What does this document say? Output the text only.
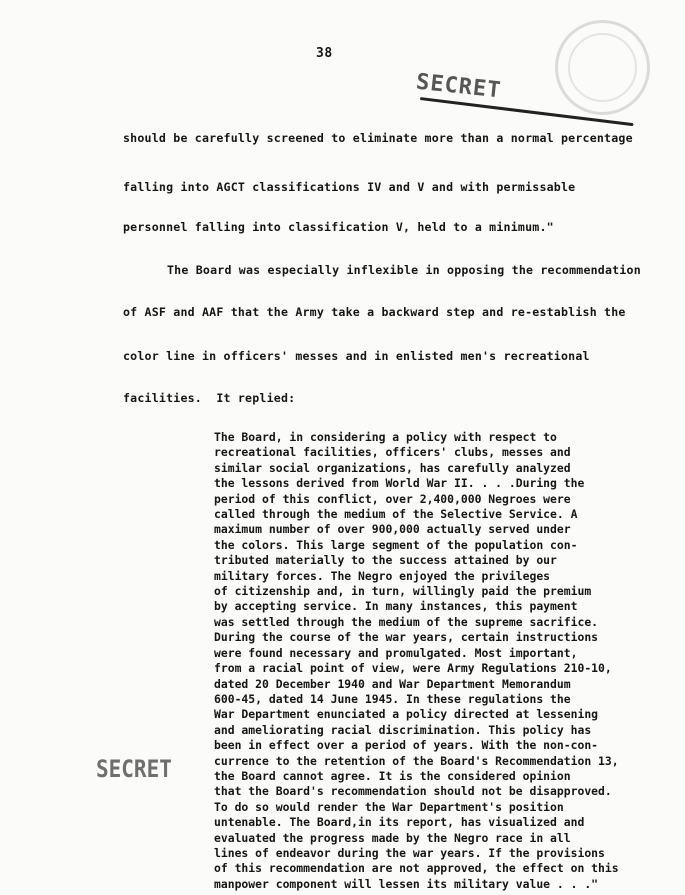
38
SECRET
should be carefully screened to eliminate more than a normal percentage
falling into AGCT classifications IV and V and with permissable
personnel falling into classification V, held to a minimum."
The Board was especially inflexible in opposing the recommendation
of ASF and AAF that the Army take a backward step and re-establish the
color line in officers' messes and in enlisted men's recreational
facilities.  It replied:
The Board, in considering a policy with respect to
recreational facilities, officers' clubs, messes and
similar social organizations, has carefully analyzed
the lessons derived from World War II. . . .During the
period of this conflict, over 2,400,000 Negroes were
called through the medium of the Selective Service. A
maximum number of over 900,000 actually served under
the colors. This large segment of the population con-
tributed materially to the success attained by our
military forces. The Negro enjoyed the privileges
of citizenship and, in turn, willingly paid the premium
by accepting service. In many instances, this payment
was settled through the medium of the supreme sacrifice.
During the course of the war years, certain instructions
were found necessary and promulgated. Most important,
from a racial point of view, were Army Regulations 210-10,
dated 20 December 1940 and War Department Memorandum
600-45, dated 14 June 1945. In these regulations the
War Department enunciated a policy directed at lessening
and ameliorating racial discrimination. This policy has
been in effect over a period of years. With the non-con-
currence to the retention of the Board's Recommendation 13,
the Board cannot agree. It is the considered opinion
that the Board's recommendation should not be disapproved.
To do so would render the War Department's position
untenable. The Board,in its report, has visualized and
evaluated the progress made by the Negro race in all
lines of endeavor during the war years. If the provisions
of this recommendation are not approved, the effect on this
manpower component will lessen its military value . . ."
SECRET
